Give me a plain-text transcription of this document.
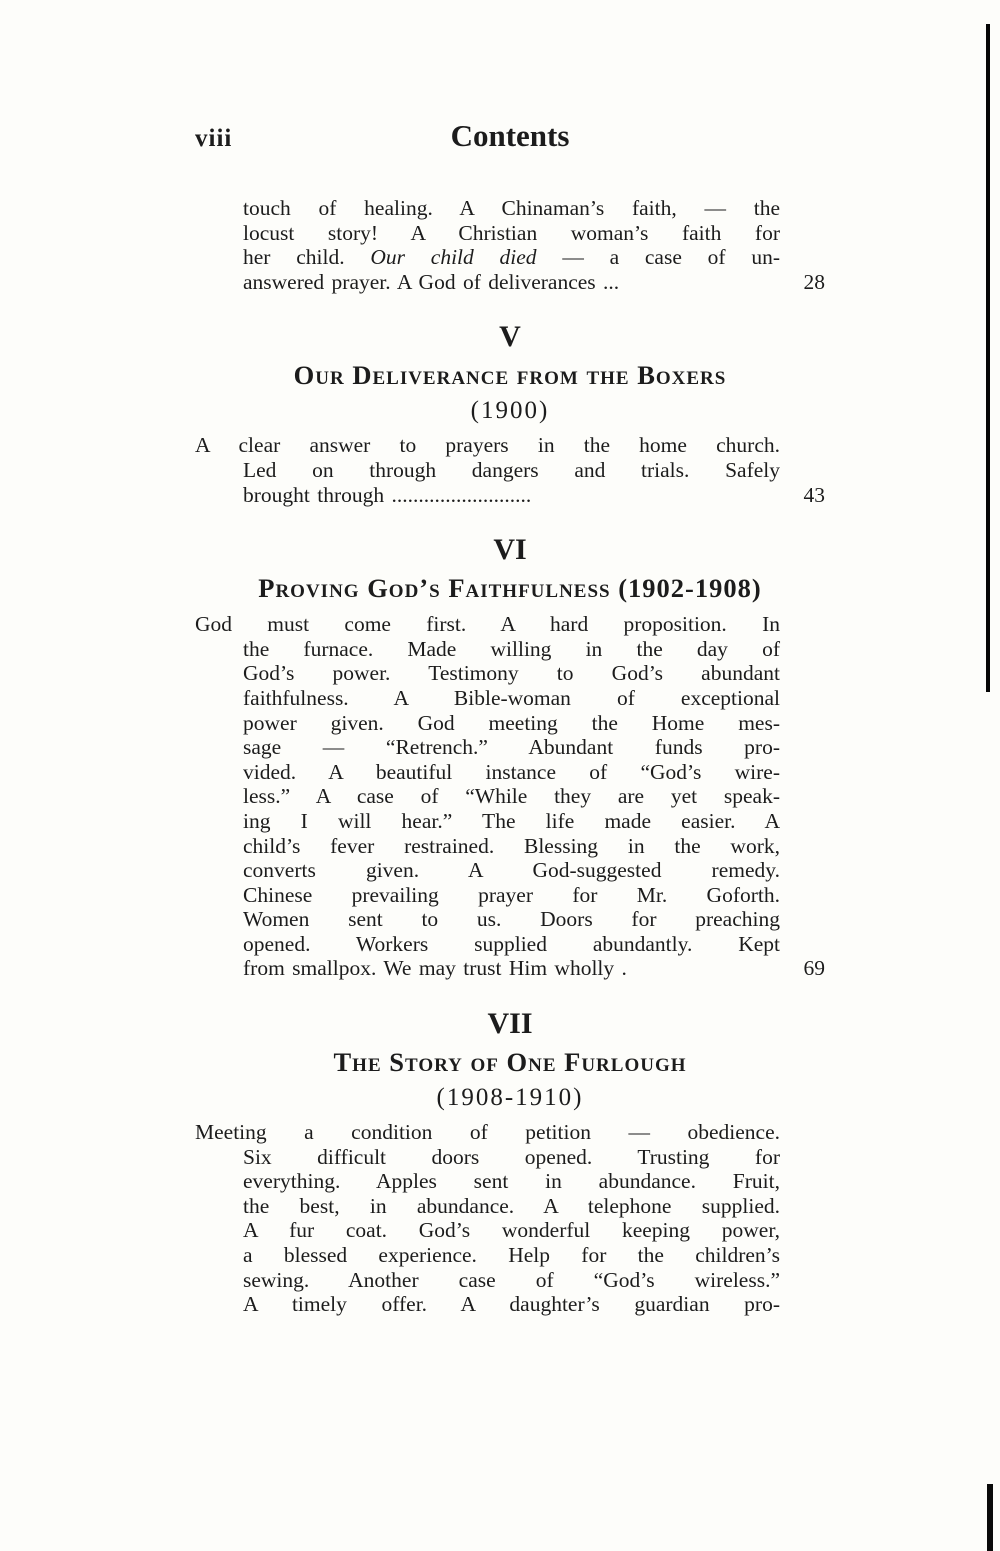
viii	Contents
touch of healing. A Chinaman’s faith, — the
locust story! A Christian woman’s faith for
her child. Our child died — a case of un-
answered prayer. A God of deliverances ...	28
V
Our Deliverance from the Boxers
(1900)
A clear answer to prayers in the home church.
Led on through dangers and trials. Safely
brought through ..........................	43
VI
Proving God’s Faithfulness (1902-1908)
God must come first. A hard proposition. In
the furnace. Made willing in the day of
God’s power. Testimony to God’s abundant
faithfulness. A Bible-woman of exceptional
power given. God meeting the Home mes-
sage — “Retrench.” Abundant funds pro-
vided. A beautiful instance of “God’s wire-
less.” A case of “While they are yet speak-
ing I will hear.” The life made easier. A
child’s fever restrained. Blessing in the work,
converts given. A God-suggested remedy.
Chinese prevailing prayer for Mr. Goforth.
Women sent to us. Doors for preaching
opened. Workers supplied abundantly. Kept
from smallpox. We may trust Him wholly .	69
VII
The Story of One Furlough
(1908-1910)
Meeting a condition of petition — obedience.
Six difficult doors opened. Trusting for
everything. Apples sent in abundance. Fruit,
the best, in abundance. A telephone supplied.
A fur coat. God’s wonderful keeping power,
a blessed experience. Help for the children’s
sewing. Another case of “God’s wireless.”
A timely offer. A daughter’s guardian pro-
